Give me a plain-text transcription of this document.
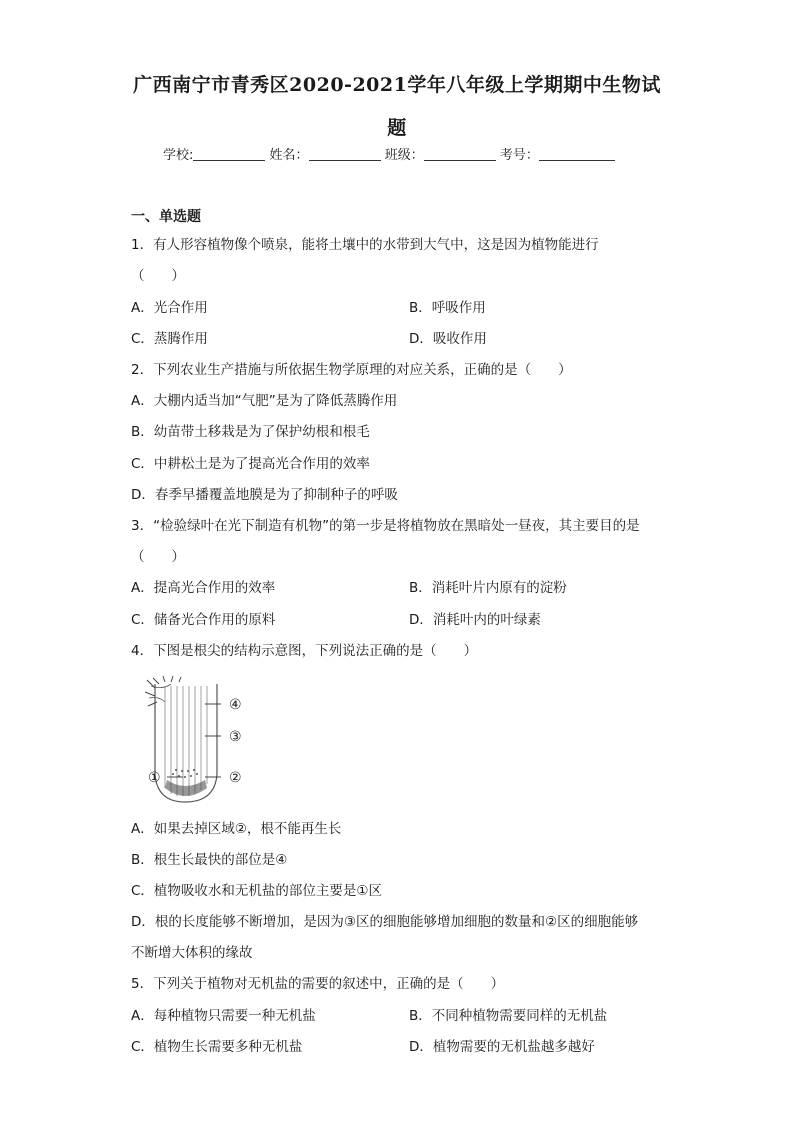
广西南宁市青秀区2020-2021学年八年级上学期期中生物试
题
学校:	姓名：	班级：	考号：
一、单选题
1．有人形容植物像个喷泉，能将土壤中的水带到大气中，这是因为植物能进行
（　　）
A．光合作用	B．呼吸作用
C．蒸腾作用	D．吸收作用
2．下列农业生产措施与所依据生物学原理的对应关系，正确的是（　　）
A．大棚内适当加“气肥”是为了降低蒸腾作用
B．幼苗带土移栽是为了保护幼根和根毛
C．中耕松土是为了提高光合作用的效率
D．春季早播覆盖地膜是为了抑制种子的呼吸
3．“检验绿叶在光下制造有机物”的第一步是将植物放在黑暗处一昼夜，其主要目的是
（　　）
A．提高光合作用的效率	B．消耗叶片内原有的淀粉
C．储备光合作用的原料	D．消耗叶内的叶绿素
4．下图是根尖的结构示意图，下列说法正确的是（　　）
④
③
①	②
A．如果去掉区域②，根不能再生长
B．根生长最快的部位是④
C．植物吸收水和无机盐的部位主要是①区
D．根的长度能够不断增加，是因为③区的细胞能够增加细胞的数量和②区的细胞能够
不断增大体积的缘故
5．下列关于植物对无机盐的需要的叙述中，正确的是（　　）
A．每种植物只需要一种无机盐	B．不同种植物需要同样的无机盐
C．植物生长需要多种无机盐	D．植物需要的无机盐越多越好
